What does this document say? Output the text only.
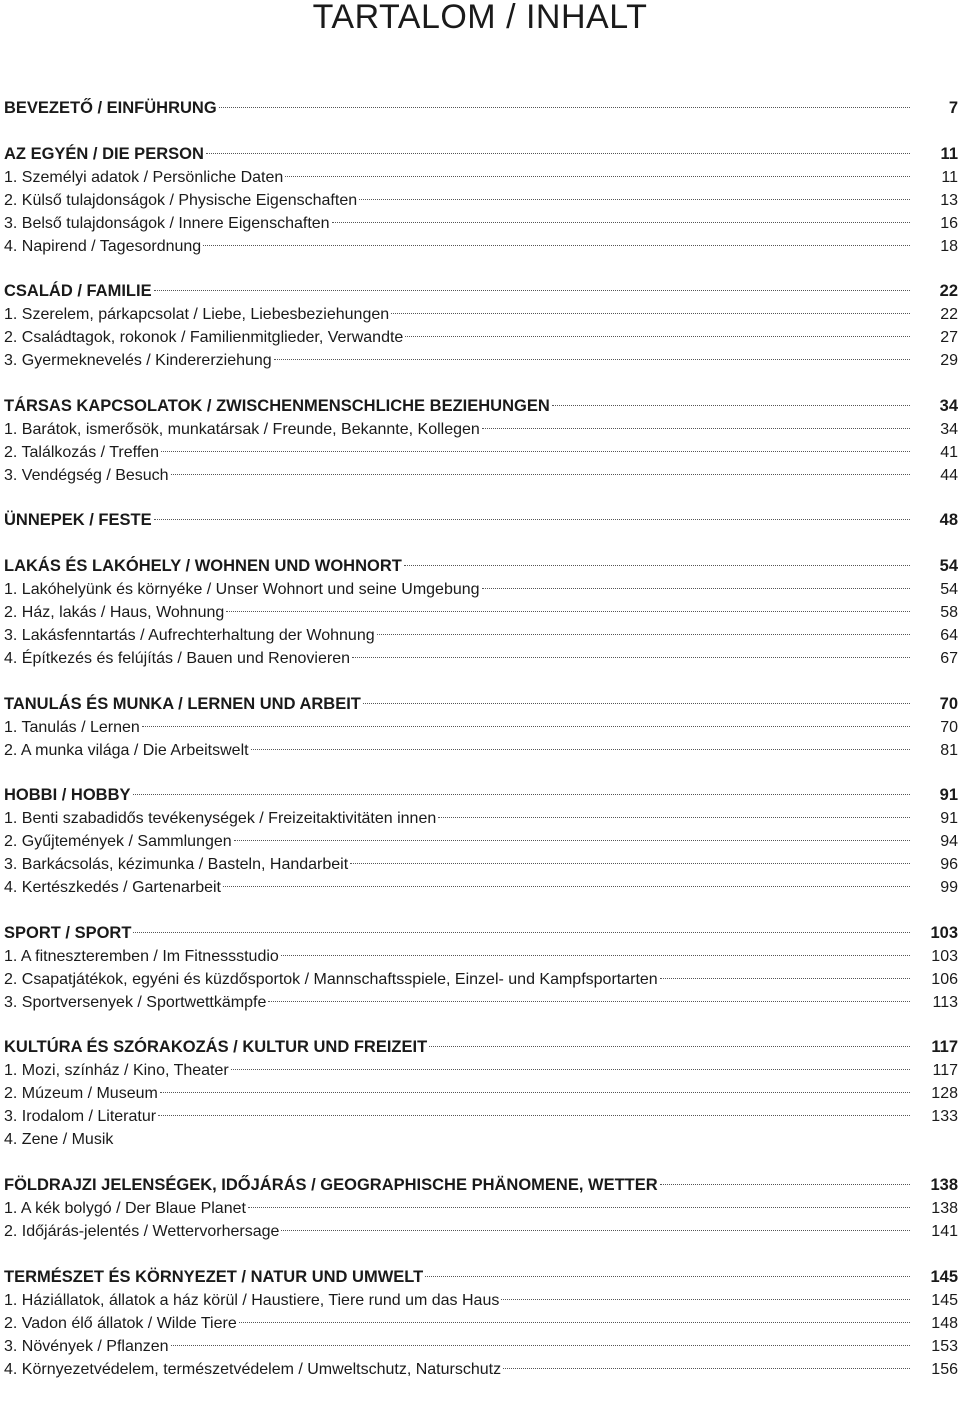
TARTALOM / INHALT
BEVEZETŐ / EINFÜHRUNG	7
AZ EGYÉN / DIE PERSON	11
1. Személyi adatok / Persönliche Daten	11
2. Külső tulajdonságok / Physische Eigenschaften	13
3. Belső tulajdonságok / Innere Eigenschaften	16
4. Napirend / Tagesordnung	18
CSALÁD / FAMILIE	22
1. Szerelem, párkapcsolat / Liebe, Liebesbeziehungen	22
2. Családtagok, rokonok / Familienmitglieder, Verwandte	27
3. Gyermeknevelés / Kindererziehung	29
TÁRSAS KAPCSOLATOK / ZWISCHENMENSCHLICHE BEZIEHUNGEN	34
1. Barátok, ismerősök, munkatársak / Freunde, Bekannte, Kollegen	34
2. Találkozás / Treffen	41
3. Vendégség / Besuch	44
ÜNNEPEK / FESTE	48
LAKÁS ÉS LAKÓHELY / WOHNEN UND WOHNORT	54
1. Lakóhelyünk és környéke / Unser Wohnort und seine Umgebung	54
2. Ház, lakás / Haus, Wohnung	58
3. Lakásfenntartás / Aufrechterhaltung der Wohnung	64
4. Építkezés és felújítás / Bauen und Renovieren	67
TANULÁS ÉS MUNKA / LERNEN UND ARBEIT	70
1. Tanulás / Lernen	70
2. A munka világa / Die Arbeitswelt	81
HOBBI / HOBBY	91
1. Benti szabadidős tevékenységek / Freizeitaktivitäten innen	91
2. Gyűjtemények / Sammlungen	94
3. Barkácsolás, kézimunka / Basteln, Handarbeit	96
4. Kertészkedés / Gartenarbeit	99
SPORT / SPORT	103
1. A fitneszteremben / Im Fitnessstudio	103
2. Csapatjátékok, egyéni és küzdősportok / Mannschaftsspiele, Einzel- und Kampfsportarten	106
3. Sportversenyek / Sportwettkämpfe	113
KULTÚRA ÉS SZÓRAKOZÁS / KULTUR UND FREIZEIT	117
1. Mozi, színház / Kino, Theater	117
2. Múzeum / Museum	128
3. Irodalom / Literatur	133
4. Zene / Musik
FÖLDRAJZI JELENSÉGEK, IDŐJÁRÁS / GEOGRAPHISCHE PHÄNOMENE, WETTER	138
1. A kék bolygó / Der Blaue Planet	138
2. Időjárás-jelentés / Wettervorhersage	141
TERMÉSZET ÉS KÖRNYEZET / NATUR UND UMWELT	145
1. Háziállatok, állatok a ház körül / Haustiere, Tiere rund um das Haus	145
2. Vadon élő állatok / Wilde Tiere	148
3. Növények / Pflanzen	153
4. Környezetvédelem, természetvédelem / Umweltschutz, Naturschutz	156
